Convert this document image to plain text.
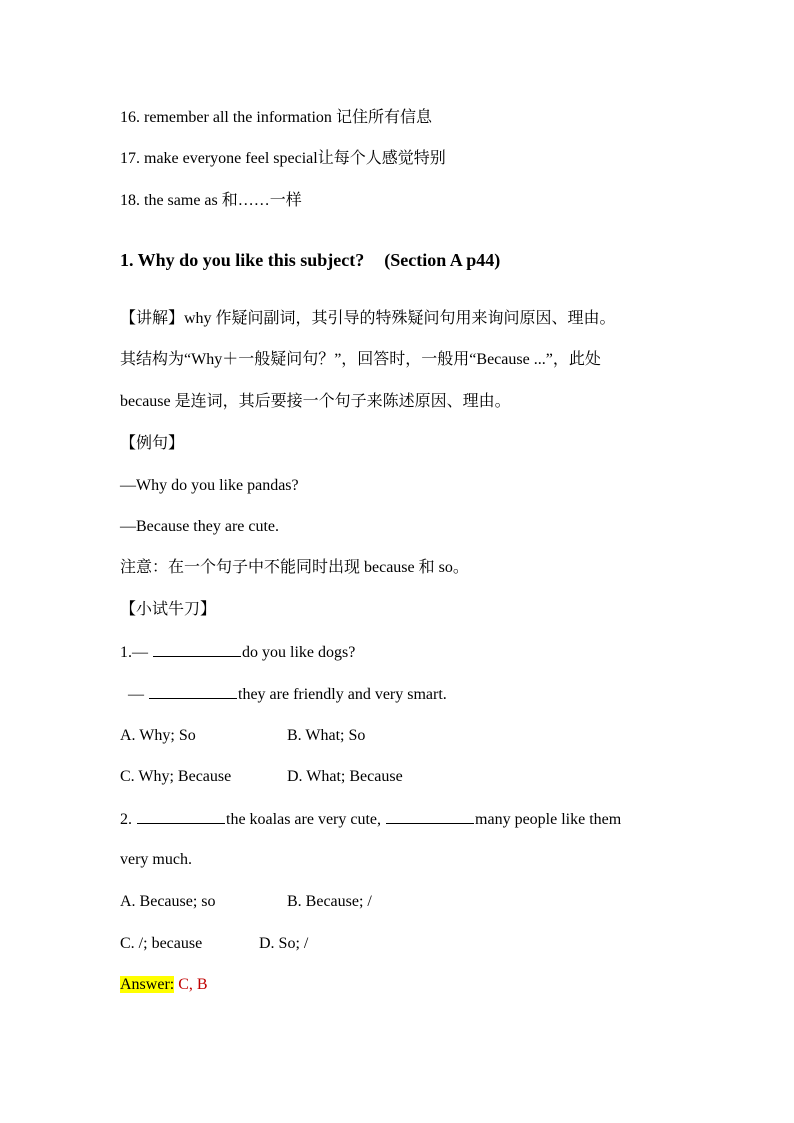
16. remember all the information 记住所有信息
17. make everyone feel special让每个人感觉特别
18. the same as 和……一样
1. Why do you like this subject? (Section A p44)
【讲解】why 作疑问副词，其引导的特殊疑问句用来询问原因、理由。
其结构为“Why＋一般疑问句？”，回答时，一般用“Because ...”，此处
because 是连词，其后要接一个句子来陈述原因、理由。
【例句】
—Why do you like pandas?
—Because they are cute.
注意：在一个句子中不能同时出现 because 和 so。
【小试牛刀】
1.—	do you like dogs?
—	they are friendly and very smart.
A. Why; So	B. What; So
C. Why; Because	D. What; Because
2.	the koalas are very cute,	many people like them
very much.
A. Because; so	B. Because; /
C. /; because	D. So; /
Answer: C, B
